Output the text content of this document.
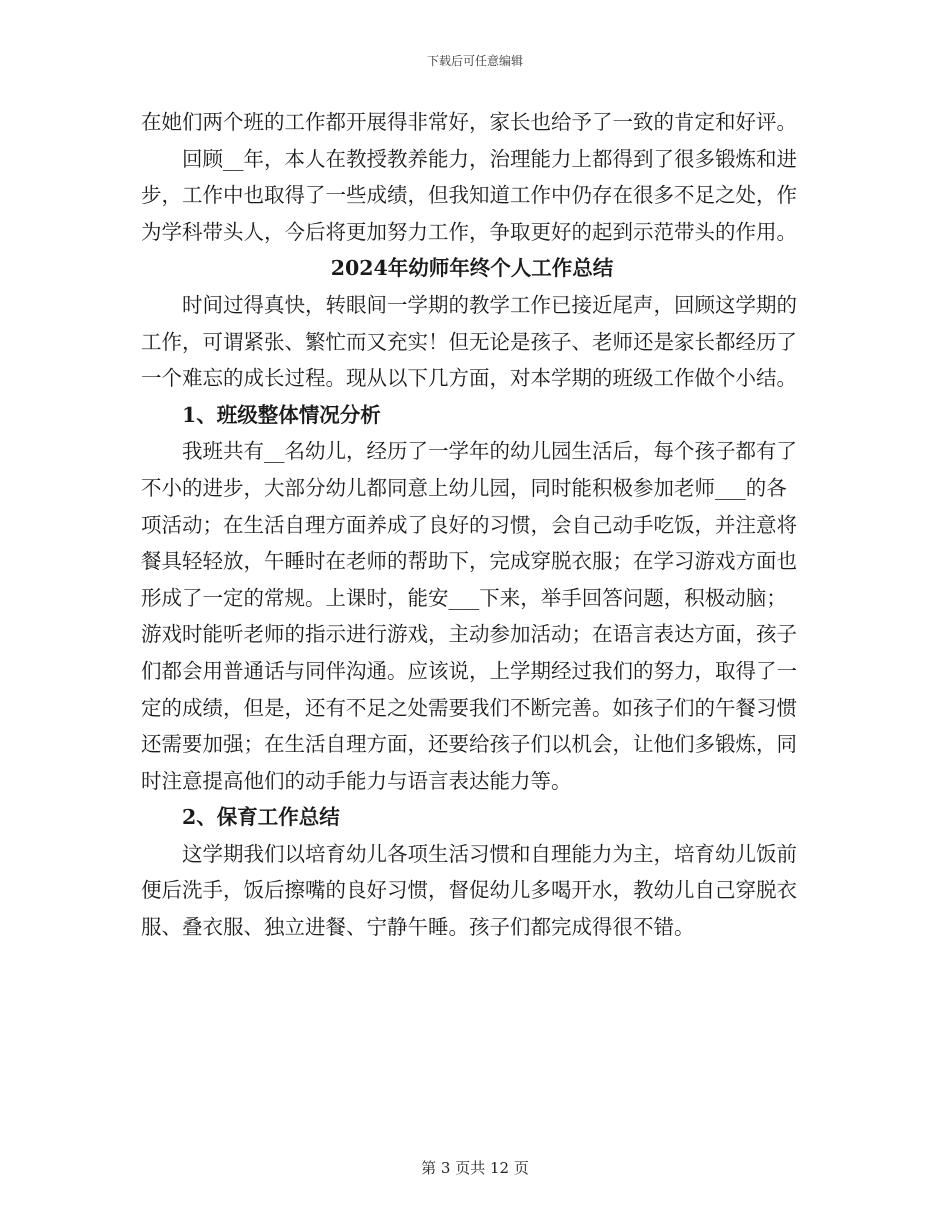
下载后可任意编辑

在她们两个班的工作都开展得非常好，家长也给予了一致的肯定和好评。

回顾__年，本人在教授教养能力，治理能力上都得到了很多锻炼和进步，工作中也取得了一些成绩，但我知道工作中仍存在很多不足之处，作为学科带头人，今后将更加努力工作，争取更好的起到示范带头的作用。

2024年幼师年终个人工作总结

时间过得真快，转眼间一学期的教学工作已接近尾声，回顾这学期的工作，可谓紧张、繁忙而又充实！但无论是孩子、老师还是家长都经历了一个难忘的成长过程。现从以下几方面，对本学期的班级工作做个小结。

1、班级整体情况分析

我班共有__名幼儿，经历了一学年的幼儿园生活后，每个孩子都有了不小的进步，大部分幼儿都同意上幼儿园，同时能积极参加老师___的各项活动；在生活自理方面养成了良好的习惯，会自己动手吃饭，并注意将餐具轻轻放，午睡时在老师的帮助下，完成穿脱衣服；在学习游戏方面也形成了一定的常规。上课时，能安___下来，举手回答问题，积极动脑；游戏时能听老师的指示进行游戏，主动参加活动；在语言表达方面，孩子们都会用普通话与同伴沟通。应该说，上学期经过我们的努力，取得了一定的成绩，但是，还有不足之处需要我们不断完善。如孩子们的午餐习惯还需要加强；在生活自理方面，还要给孩子们以机会，让他们多锻炼，同时注意提高他们的动手能力与语言表达能力等。

2、保育工作总结

这学期我们以培育幼儿各项生活习惯和自理能力为主，培育幼儿饭前便后洗手，饭后擦嘴的良好习惯，督促幼儿多喝开水，教幼儿自己穿脱衣服、叠衣服、独立进餐、宁静午睡。孩子们都完成得很不错。

第 3 页共 12 页
